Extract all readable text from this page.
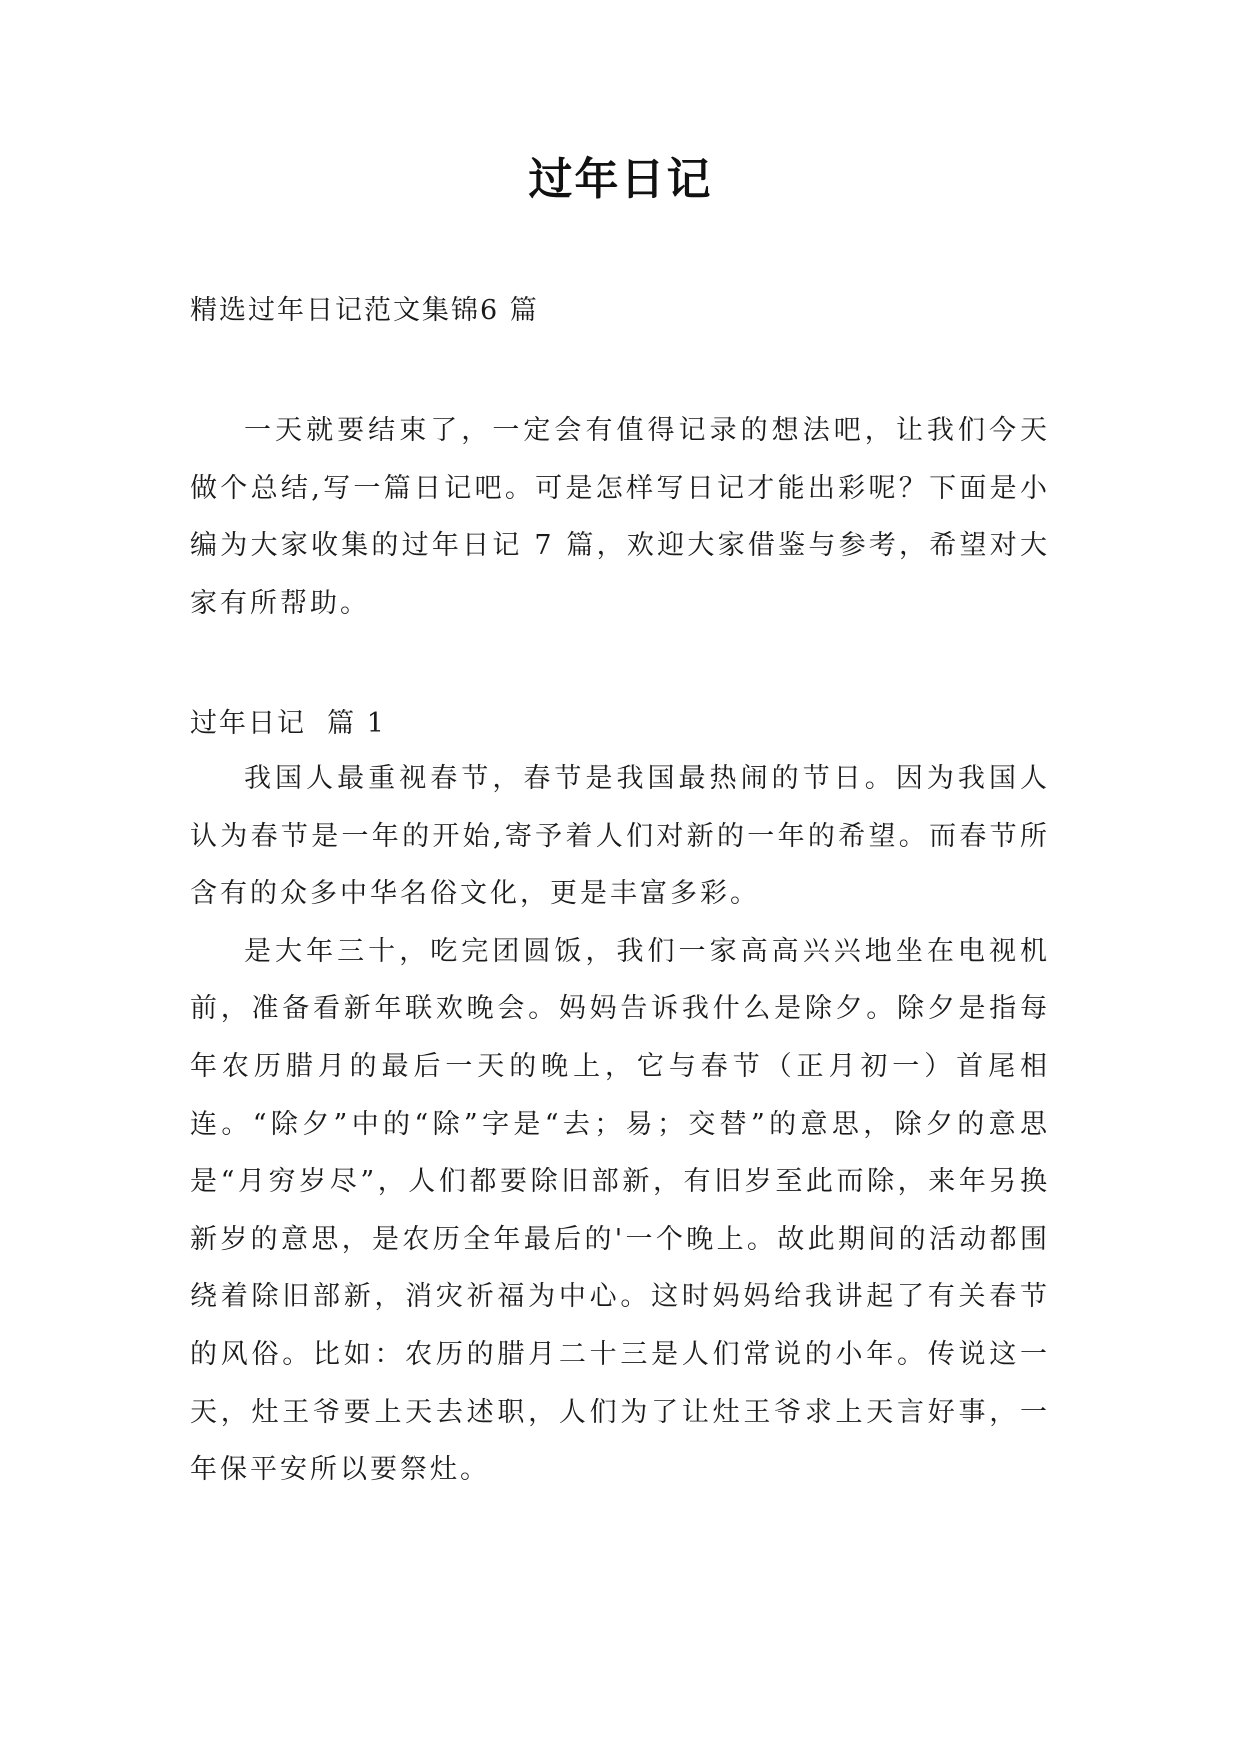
过年日记
精选过年日记范文集锦6 篇

一天就要结束了，一定会有值得记录的想法吧，让我们今天做个总结,写一篇日记吧。可是怎样写日记才能出彩呢？下面是小编为大家收集的过年日记 7 篇，欢迎大家借鉴与参考，希望对大家有所帮助。

过年日记  篇 1

我国人最重视春节，春节是我国最热闹的节日。因为我国人认为春节是一年的开始,寄予着人们对新的一年的希望。而春节所含有的众多中华名俗文化，更是丰富多彩。

是大年三十，吃完团圆饭，我们一家高高兴兴地坐在电视机前，准备看新年联欢晚会。妈妈告诉我什么是除夕。除夕是指每年农历腊月的最后一天的晚上，它与春节（正月初一）首尾相连。“除夕”中的“除”字是“去；易；交替”的意思，除夕的意思是“月穷岁尽”，人们都要除旧部新，有旧岁至此而除，来年另换新岁的意思，是农历全年最后的'一个晚上。故此期间的活动都围绕着除旧部新，消灾祈福为中心。这时妈妈给我讲起了有关春节的风俗。比如：农历的腊月二十三是人们常说的小年。传说这一天，灶王爷要上天去述职，人们为了让灶王爷求上天言好事，一年保平安所以要祭灶。
